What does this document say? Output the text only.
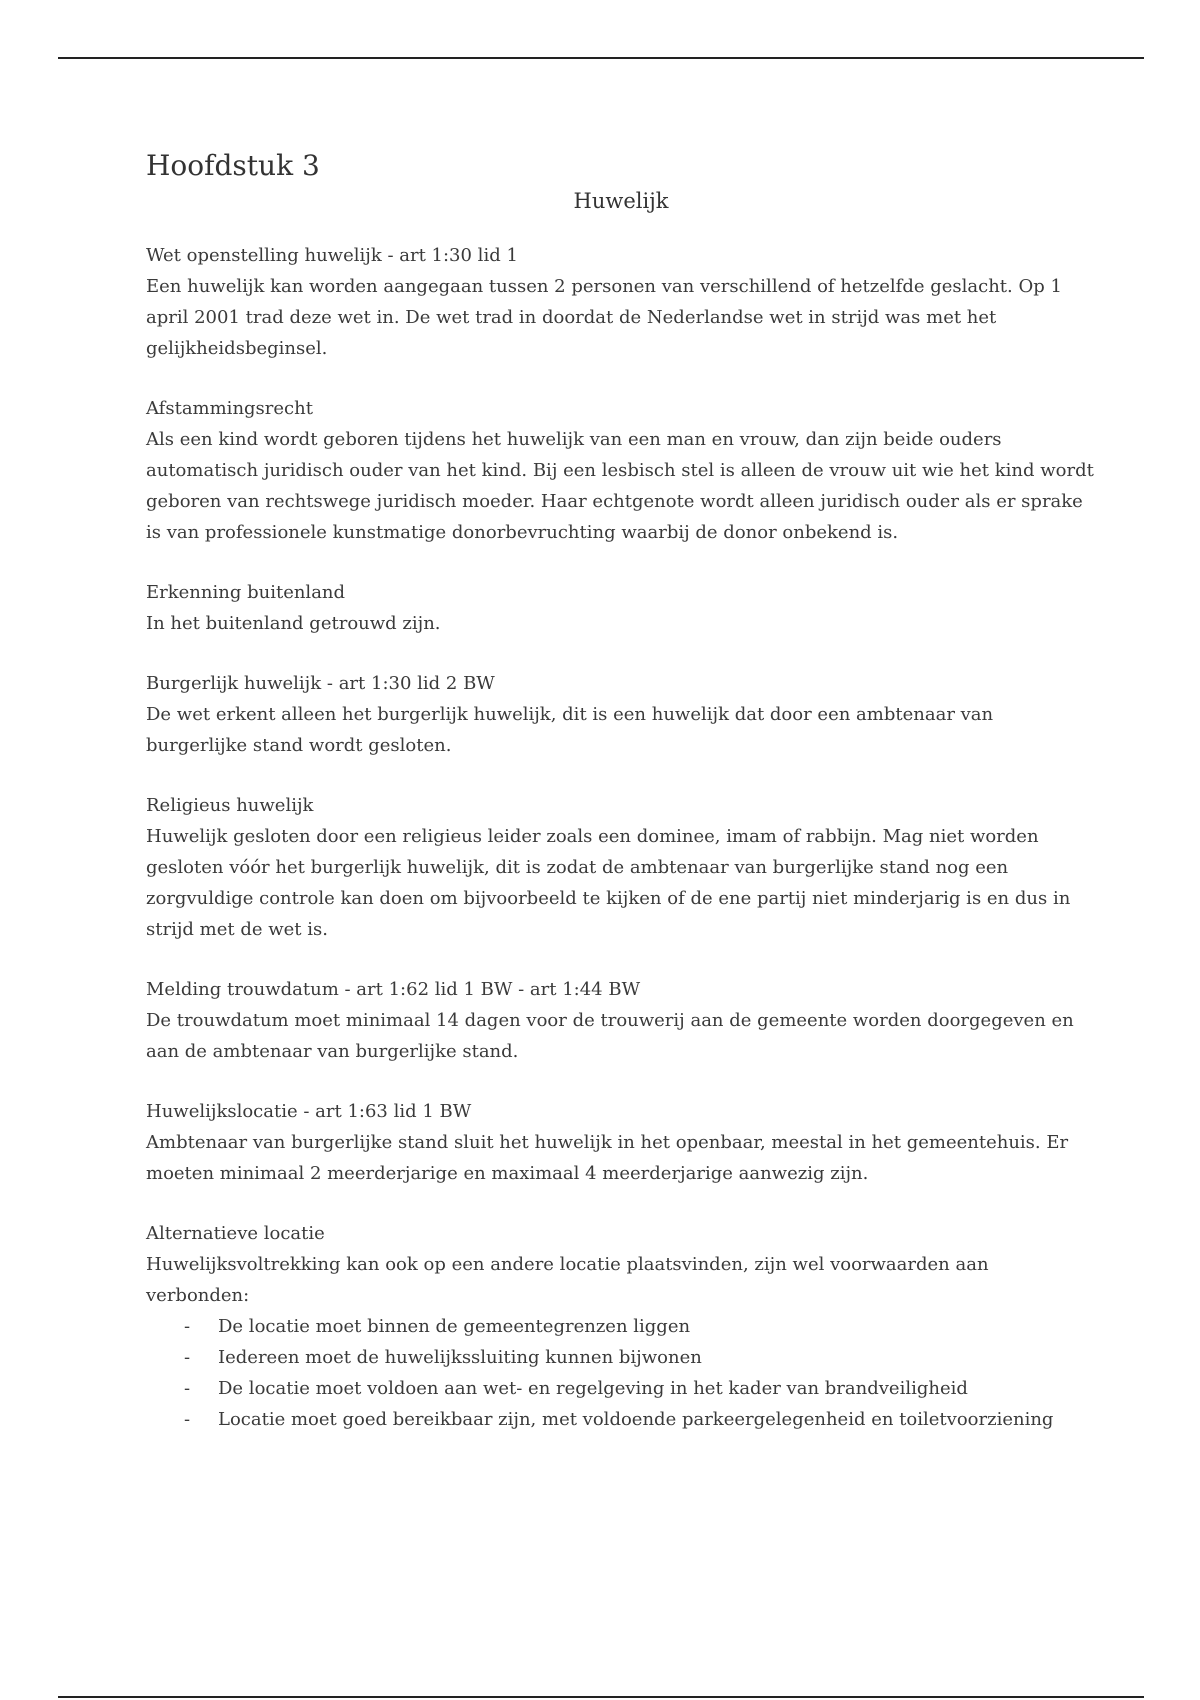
Hoofdstuk 3
Huwelijk

Wet openstelling huwelijk - art 1:30 lid 1

Een huwelijk kan worden aangegaan tussen 2 personen van verschillend of hetzelfde geslacht. Op 1 april 2001 trad deze wet in. De wet trad in doordat de Nederlandse wet in strijd was met het gelijkheidsbeginsel.

Afstammingsrecht

Als een kind wordt geboren tijdens het huwelijk van een man en vrouw, dan zijn beide ouders automatisch juridisch ouder van het kind. Bij een lesbisch stel is alleen de vrouw uit wie het kind wordt geboren van rechtswege juridisch moeder. Haar echtgenote wordt alleen juridisch ouder als er sprake is van professionele kunstmatige donorbevruchting waarbij de donor onbekend is.

Erkenning buitenland

In het buitenland getrouwd zijn.

Burgerlijk huwelijk - art 1:30 lid 2 BW

De wet erkent alleen het burgerlijk huwelijk, dit is een huwelijk dat door een ambtenaar van burgerlijke stand wordt gesloten.

Religieus huwelijk

Huwelijk gesloten door een religieus leider zoals een dominee, imam of rabbijn. Mag niet worden gesloten vóór het burgerlijk huwelijk, dit is zodat de ambtenaar van burgerlijke stand nog een zorgvuldige controle kan doen om bijvoorbeeld te kijken of de ene partij niet minderjarig is en dus in strijd met de wet is.

Melding trouwdatum - art 1:62 lid 1 BW - art 1:44 BW

De trouwdatum moet minimaal 14 dagen voor de trouwerij aan de gemeente worden doorgegeven en aan de ambtenaar van burgerlijke stand.

Huwelijkslocatie - art 1:63 lid 1 BW

Ambtenaar van burgerlijke stand sluit het huwelijk in het openbaar, meestal in het gemeentehuis. Er moeten minimaal 2 meerderjarige en maximaal 4 meerderjarige aanwezig zijn.

Alternatieve locatie

Huwelijksvoltrekking kan ook op een andere locatie plaatsvinden, zijn wel voorwaarden aan verbonden:

- De locatie moet binnen de gemeentegrenzen liggen
- Iedereen moet de huwelijkssluiting kunnen bijwonen
- De locatie moet voldoen aan wet- en regelgeving in het kader van brandveiligheid
- Locatie moet goed bereikbaar zijn, met voldoende parkeergelegenheid en toiletvoorziening
